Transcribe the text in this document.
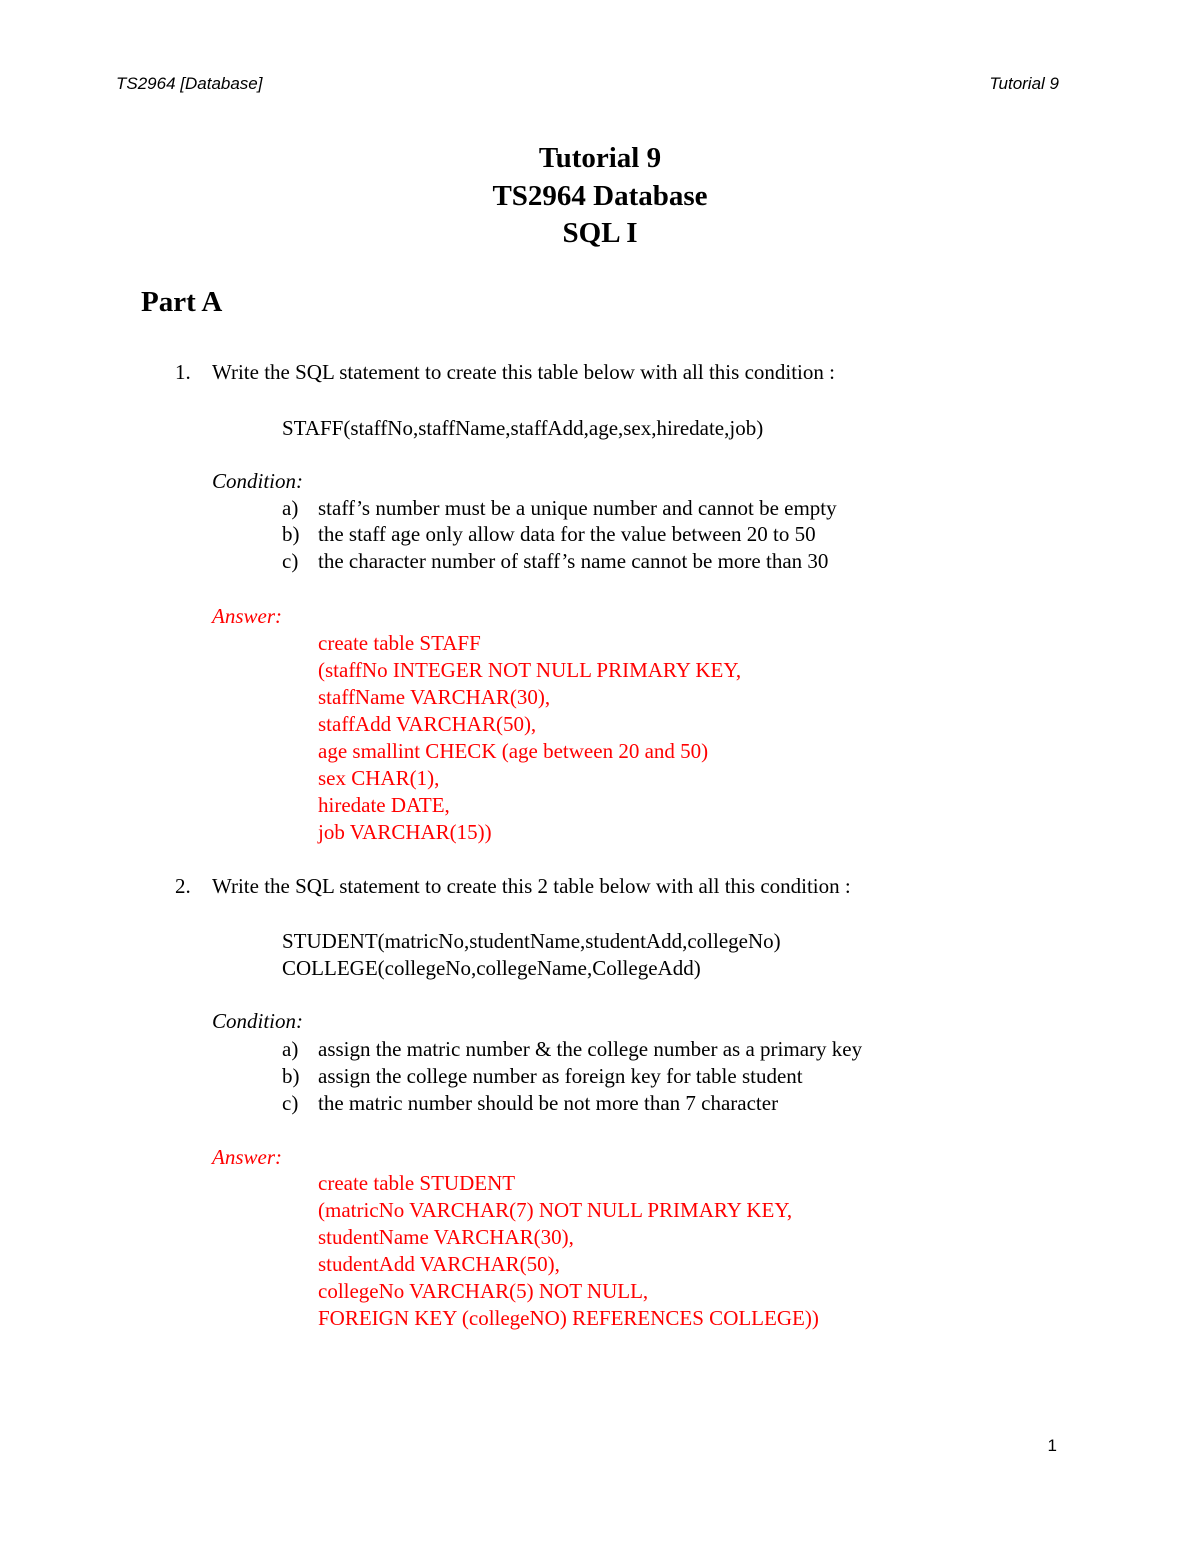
TS2964 [Database]	Tutorial 9
Tutorial 9
TS2964 Database
SQL I
Part A
1. Write the SQL statement to create this table below with all this condition :
STAFF(staffNo,staffName,staffAdd,age,sex,hiredate,job)
Condition:
a) staff’s number must be a unique number and cannot be empty
b) the staff age only allow data for the value between 20 to 50
c) the character number of staff’s name cannot be more than 30
Answer:
create table STAFF
(staffNo INTEGER NOT NULL PRIMARY KEY,
staffName VARCHAR(30),
staffAdd VARCHAR(50),
age smallint CHECK (age between 20 and 50)
sex CHAR(1),
hiredate DATE,
job VARCHAR(15))
2. Write the SQL statement to create this 2 table below with all this condition :
STUDENT(matricNo,studentName,studentAdd,collegeNo)
COLLEGE(collegeNo,collegeName,CollegeAdd)
Condition:
a) assign the matric number & the college number as a primary key
b) assign the college number as foreign key for table student
c) the matric number should be not more than 7 character
Answer:
create table STUDENT
(matricNo VARCHAR(7) NOT NULL PRIMARY KEY,
studentName VARCHAR(30),
studentAdd VARCHAR(50),
collegeNo VARCHAR(5) NOT NULL,
FOREIGN KEY (collegeNO) REFERENCES COLLEGE))
1
